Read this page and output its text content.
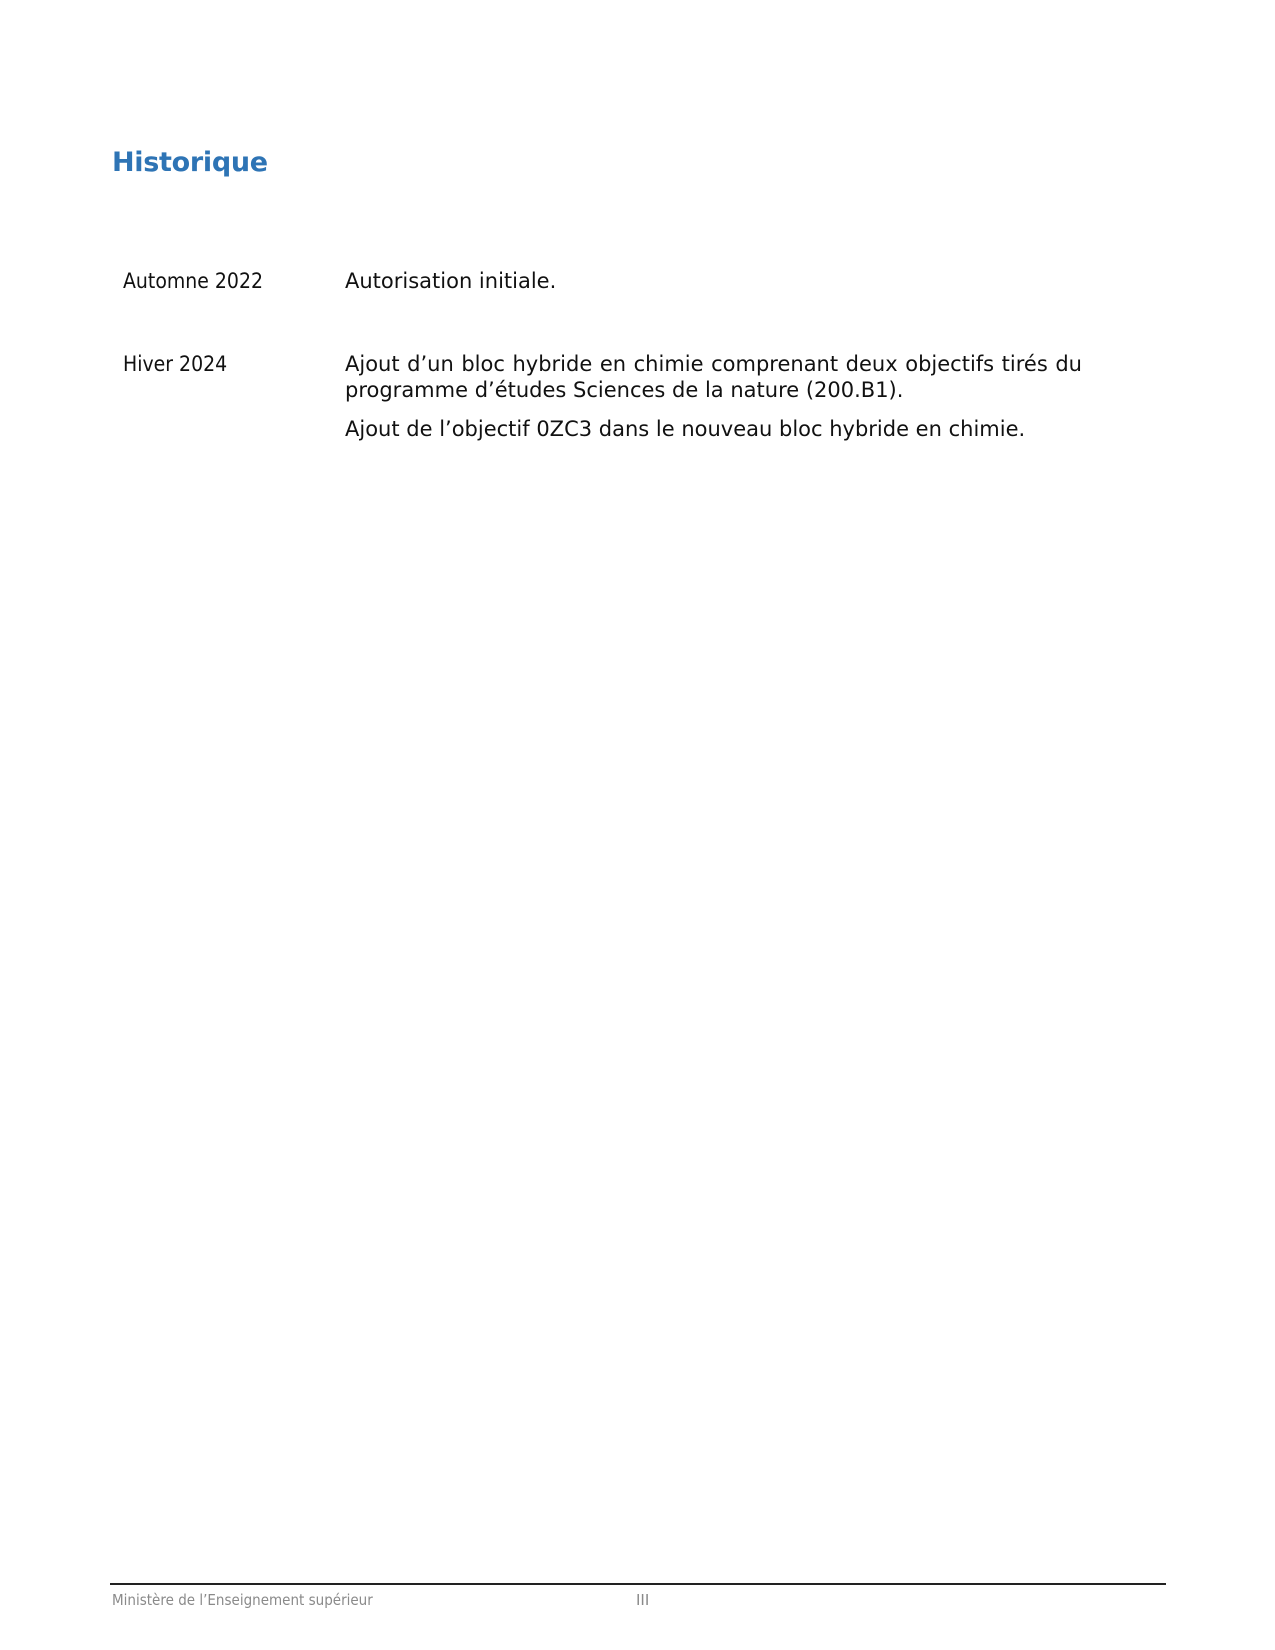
Historique
Automne 2022	Autorisation initiale.

Hiver 2024	Ajout d’un bloc hybride en chimie comprenant deux objectifs tirés du programme d’études Sciences de la nature (200.B1).

Ajout de l’objectif 0ZC3 dans le nouveau bloc hybride en chimie.

Ministère de l’Enseignement supérieur	III
